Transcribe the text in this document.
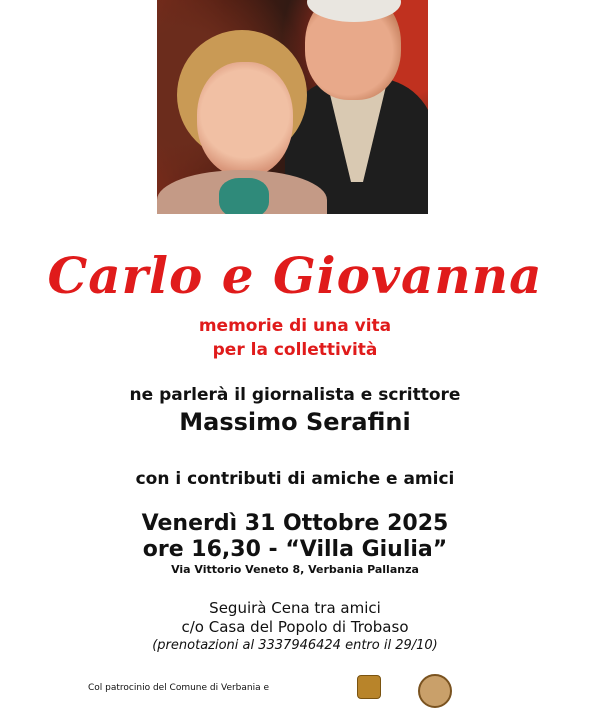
Carlo e Giovanna
memorie di una vita
per la collettività
ne parlerà il giornalista e scrittore
Massimo Serafini
con i contributi di amiche e amici
Venerdì 31 Ottobre 2025
ore 16,30 - “Villa Giulia”
Via Vittorio Veneto 8, Verbania Pallanza
Seguirà Cena tra amici
c/o Casa del Popolo di Trobaso
(prenotazioni al 3337946424 entro il 29/10)
Col patrocinio del Comune di Verbania e
